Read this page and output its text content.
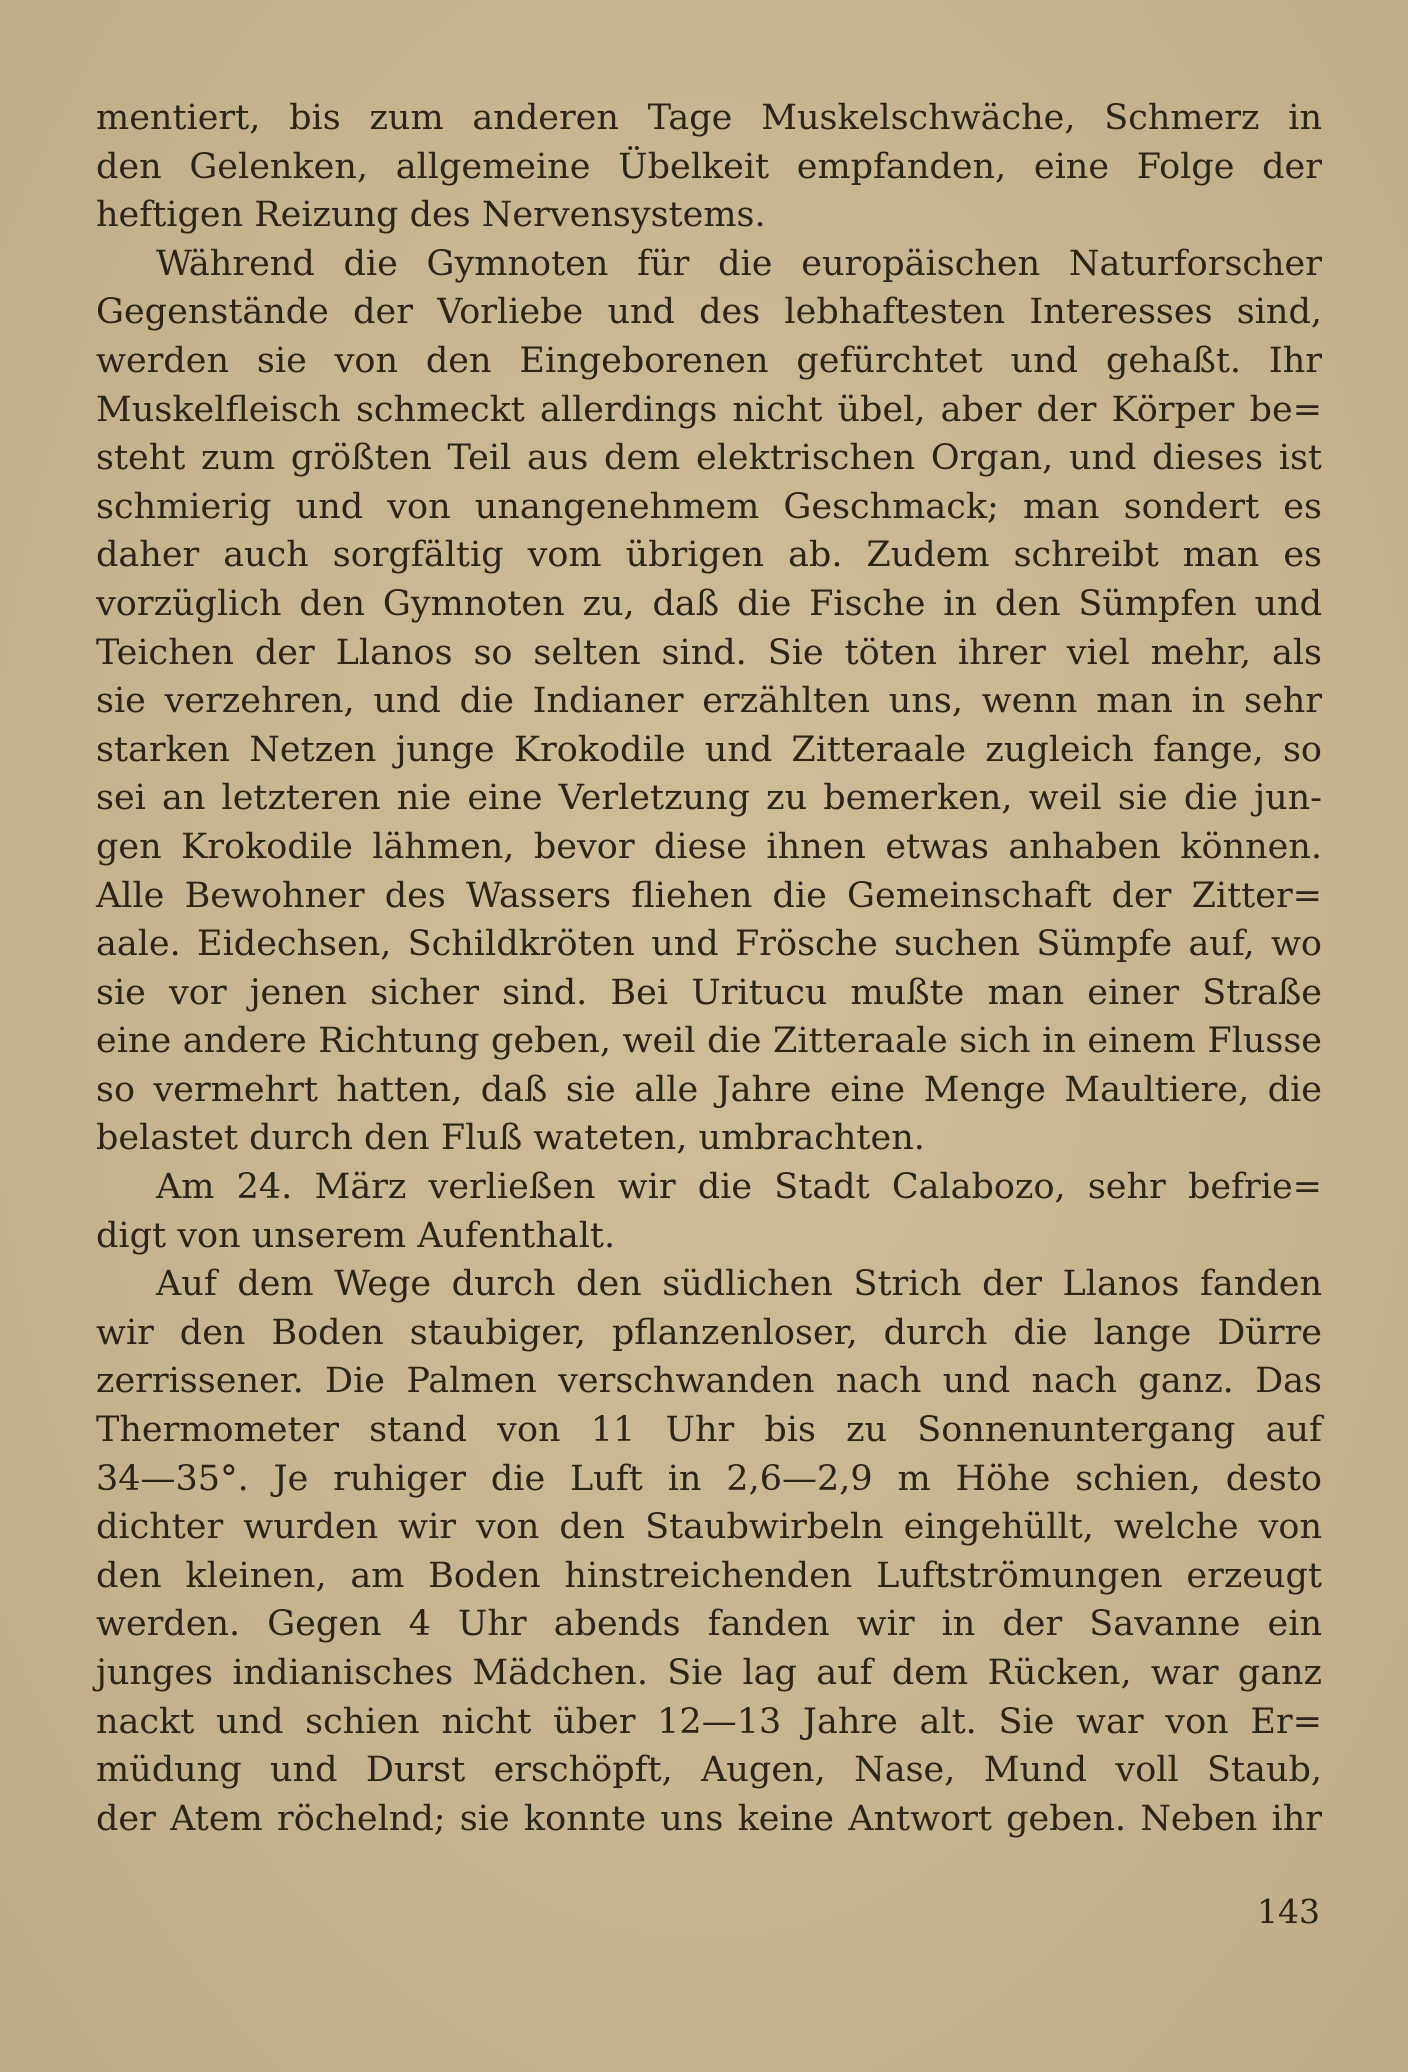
mentiert, bis zum anderen Tage Muskelschwäche, Schmerz in
den Gelenken, allgemeine Übelkeit empfanden, eine Folge der
heftigen Reizung des Nervensystems.
Während die Gymnoten für die europäischen Naturforscher
Gegenstände der Vorliebe und des lebhaftesten Interesses sind,
werden sie von den Eingeborenen gefürchtet und gehaßt. Ihr
Muskelfleisch schmeckt allerdings nicht übel, aber der Körper be=
steht zum größten Teil aus dem elektrischen Organ, und dieses ist
schmierig und von unangenehmem Geschmack; man sondert es
daher auch sorgfältig vom übrigen ab. Zudem schreibt man es
vorzüglich den Gymnoten zu, daß die Fische in den Sümpfen und
Teichen der Llanos so selten sind. Sie töten ihrer viel mehr, als
sie verzehren, und die Indianer erzählten uns, wenn man in sehr
starken Netzen junge Krokodile und Zitteraale zugleich fange, so
sei an letzteren nie eine Verletzung zu bemerken, weil sie die jun-
gen Krokodile lähmen, bevor diese ihnen etwas anhaben können.
Alle Bewohner des Wassers fliehen die Gemeinschaft der Zitter=
aale. Eidechsen, Schildkröten und Frösche suchen Sümpfe auf, wo
sie vor jenen sicher sind. Bei Uritucu mußte man einer Straße
eine andere Richtung geben, weil die Zitteraale sich in einem Flusse
so vermehrt hatten, daß sie alle Jahre eine Menge Maultiere, die
belastet durch den Fluß wateten, umbrachten.
Am 24. März verließen wir die Stadt Calabozo, sehr befrie=
digt von unserem Aufenthalt.
Auf dem Wege durch den südlichen Strich der Llanos fanden
wir den Boden staubiger, pflanzenloser, durch die lange Dürre
zerrissener. Die Palmen verschwanden nach und nach ganz. Das
Thermometer stand von 11 Uhr bis zu Sonnenuntergang auf
34—35°. Je ruhiger die Luft in 2,6—2,9 m Höhe schien, desto
dichter wurden wir von den Staubwirbeln eingehüllt, welche von
den kleinen, am Boden hinstreichenden Luftströmungen erzeugt
werden. Gegen 4 Uhr abends fanden wir in der Savanne ein
junges indianisches Mädchen. Sie lag auf dem Rücken, war ganz
nackt und schien nicht über 12—13 Jahre alt. Sie war von Er=
müdung und Durst erschöpft, Augen, Nase, Mund voll Staub,
der Atem röchelnd; sie konnte uns keine Antwort geben. Neben ihr
143
